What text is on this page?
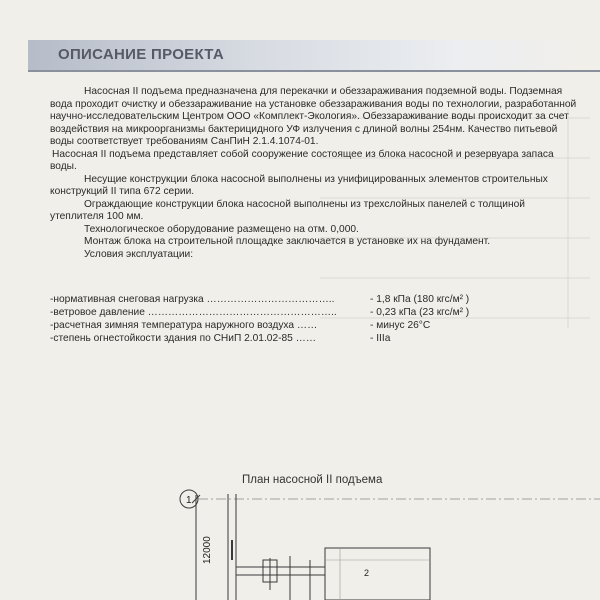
ОПИСАНИЕ ПРОЕКТА

Насосная II подъема предназначена для перекачки и обеззараживания подземной воды. Подземная вода проходит очистку и обеззараживание на установке обеззараживания воды по технологии, разработанной научно-исследовательским Центром ООО «Комплект-Экология». Обеззараживание воды происходит за счет воздействия на микроорганизмы бактерицидного УФ излучения с длиной волны 254нм. Качество питьевой воды соответствует требованиям СанПиН 2.1.4.1074-01.

Насосная II подъема представляет собой сооружение состоящее из блока насосной и резервуара запаса воды.

Несущие конструкции блока насосной выполнены из унифицированных элементов строительных конструкций II типа 672 серии.

Ограждающие конструкции блока насосной выполнены из трехслойных панелей с толщиной утеплителя 100 мм.

Технологическое оборудование размещено на отм. 0,000.

Монтаж блока на строительной площадке заключается в установке их на фундамент.

Условия эксплуатации:

-нормативная снеговая нагрузка ………………………………..	- 1,8 кПа (180 кгс/м² )
-ветровое давление ………………………………………………..	- 0,23 кПа (23 кгс/м² )
-расчетная зимняя температура наружного воздуха ……	- минус 26°С
-степень огнестойкости здания по СНиП 2.01.02-85 ……	- IIIa
План насосной II подъема
1
12000
2
